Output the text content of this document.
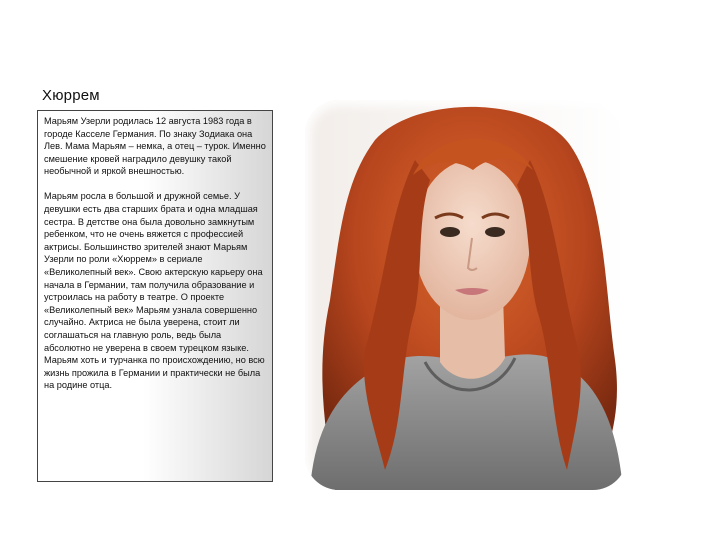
Хюррем

Марьям Узерли родилась 12 августа 1983 года в городе Касселе Германия. По знаку Зодиака она Лев. Мама Марьям – немка, а отец – турок. Именно смешение кровей наградило девушку такой необычной и яркой внешностью.

Марьям росла в большой и дружной семье. У девушки есть два старших брата и одна младшая сестра. В детстве она была довольно замкнутым ребенком, что не очень вяжется с профессией актрисы. Большинство зрителей знают Марьям Узерли по роли «Хюррем» в сериале «Великолепный век». Свою актерскую карьеру она начала в Германии, там получила образование и устроилась на работу в театре. О проекте «Великолепный век» Марьям узнала совершенно случайно. Актриса не была уверена, стоит ли соглашаться на главную роль, ведь была абсолютно не уверена в своем турецком языке. Марьям хоть и турчанка по происхождению, но всю жизнь прожила в Германии и практически не была на родине отца.
